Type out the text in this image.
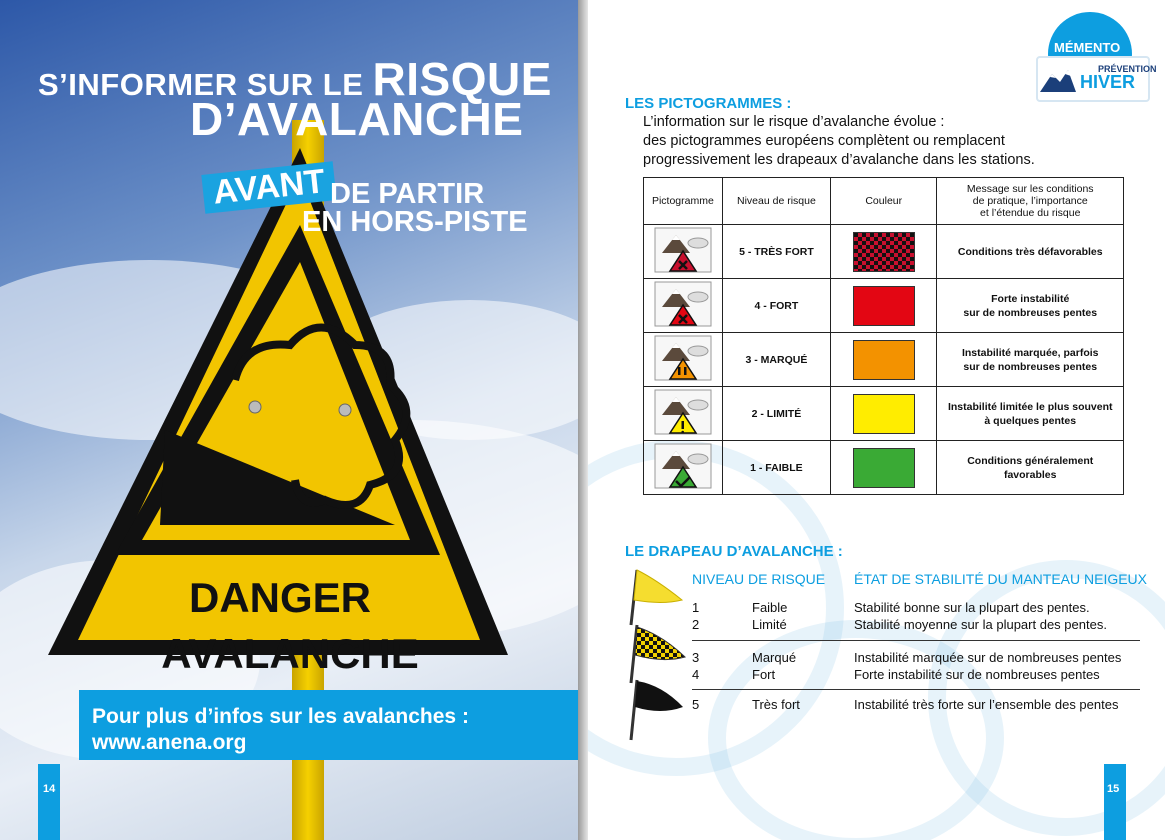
DANGER
AVALANCHE
S’INFORMER SUR LE RISQUE
D’AVALANCHE
AVANT DE PARTIR
EN HORS-PISTE
Pour plus d’infos sur les avalanches :
www.anena.org
14
MÉMENTO
PRÉVENTION
HIVER
LES PICTOGRAMMES :
L’information sur le risque d’avalanche évolue :
des pictogrammes européens complètent ou remplacent
progressivement les drapeaux d’avalanche dans les stations.
Pictogramme	Niveau de risque	Couleur	Message sur les conditions
de pratique, l’importance
et l’étendue du risque
	5 - TRÈS FORT		Conditions très défavorables

	4 - FORT		Forte instabilité
sur de nombreuses pentes
	3 - MARQUÉ		Instabilité marquée, parfois
sur de nombreuses pentes
	2 - LIMITÉ		Instabilité limitée le plus souvent
à quelques pentes
	1 - FAIBLE		Conditions généralement
favorables
LE DRAPEAU D’AVALANCHE :
NIVEAU DE RISQUE ÉTAT DE STABILITÉ DU MANTEAU NEIGEUX
1	Faible	Stabilité bonne sur la plupart des pentes.
2	Limité	Stabilité moyenne sur la plupart des pentes.
3	Marqué	Instabilité marquée sur de nombreuses pentes
4	Fort	Forte instabilité sur de nombreuses pentes
5	Très fort	Instabilité très forte sur l’ensemble des pentes
15
